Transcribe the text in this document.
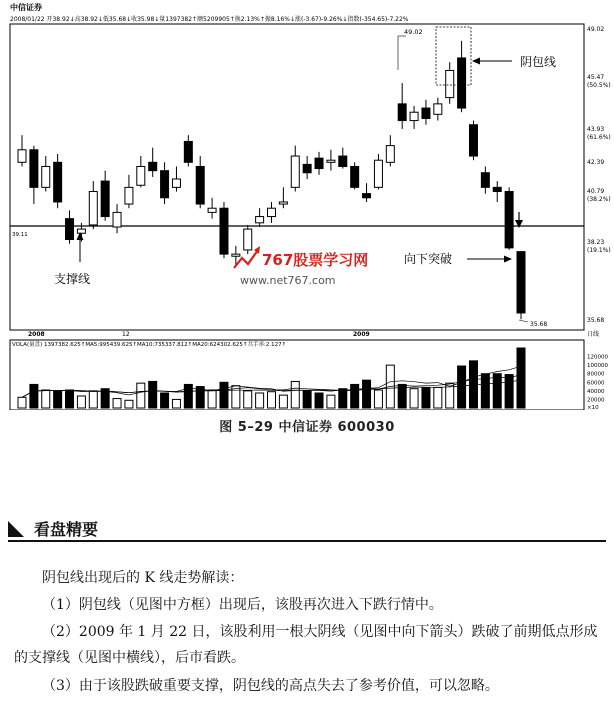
49.02
45.47
(50.5%)
43.93
(61.6%)
42.39
40.79
(38.2%)
38.23
(19.1%)
35.68
日线
120000
100000
80000
60000
40000
20000
×10
中信证券
2008/01/22 开38.92↓高38.92↓低35.68↓收35.98↓量1397382↑额5209905↑换2.13%↑振8.16%↓涨(-3.67)-9.26%↓指数(-354.65)-7.22%
VOLA(量盘) 1397382.625↑MA5:995439.625↑MA10:735337.812↑MA20:624302.625↑共手率:2.127↑
2008	12	2009
49.02
39.11
35.68
阴包线
向下突破
支撑线
767股票学习网
www.net767.com
图 5–29 中信证券 600030
看盘精要
阴包线出现后的 K 线走势解读：
（1）阴包线（见图中方框）出现后，该股再次进入下跌行情中。
（2）2009 年 1 月 22 日，该股利用一根大阴线（见图中向下箭头）跌破了前期低点形成的支撑线（见图中横线），后市看跌。
（3）由于该股跌破重要支撑，阴包线的高点失去了参考价值，可以忽略。
